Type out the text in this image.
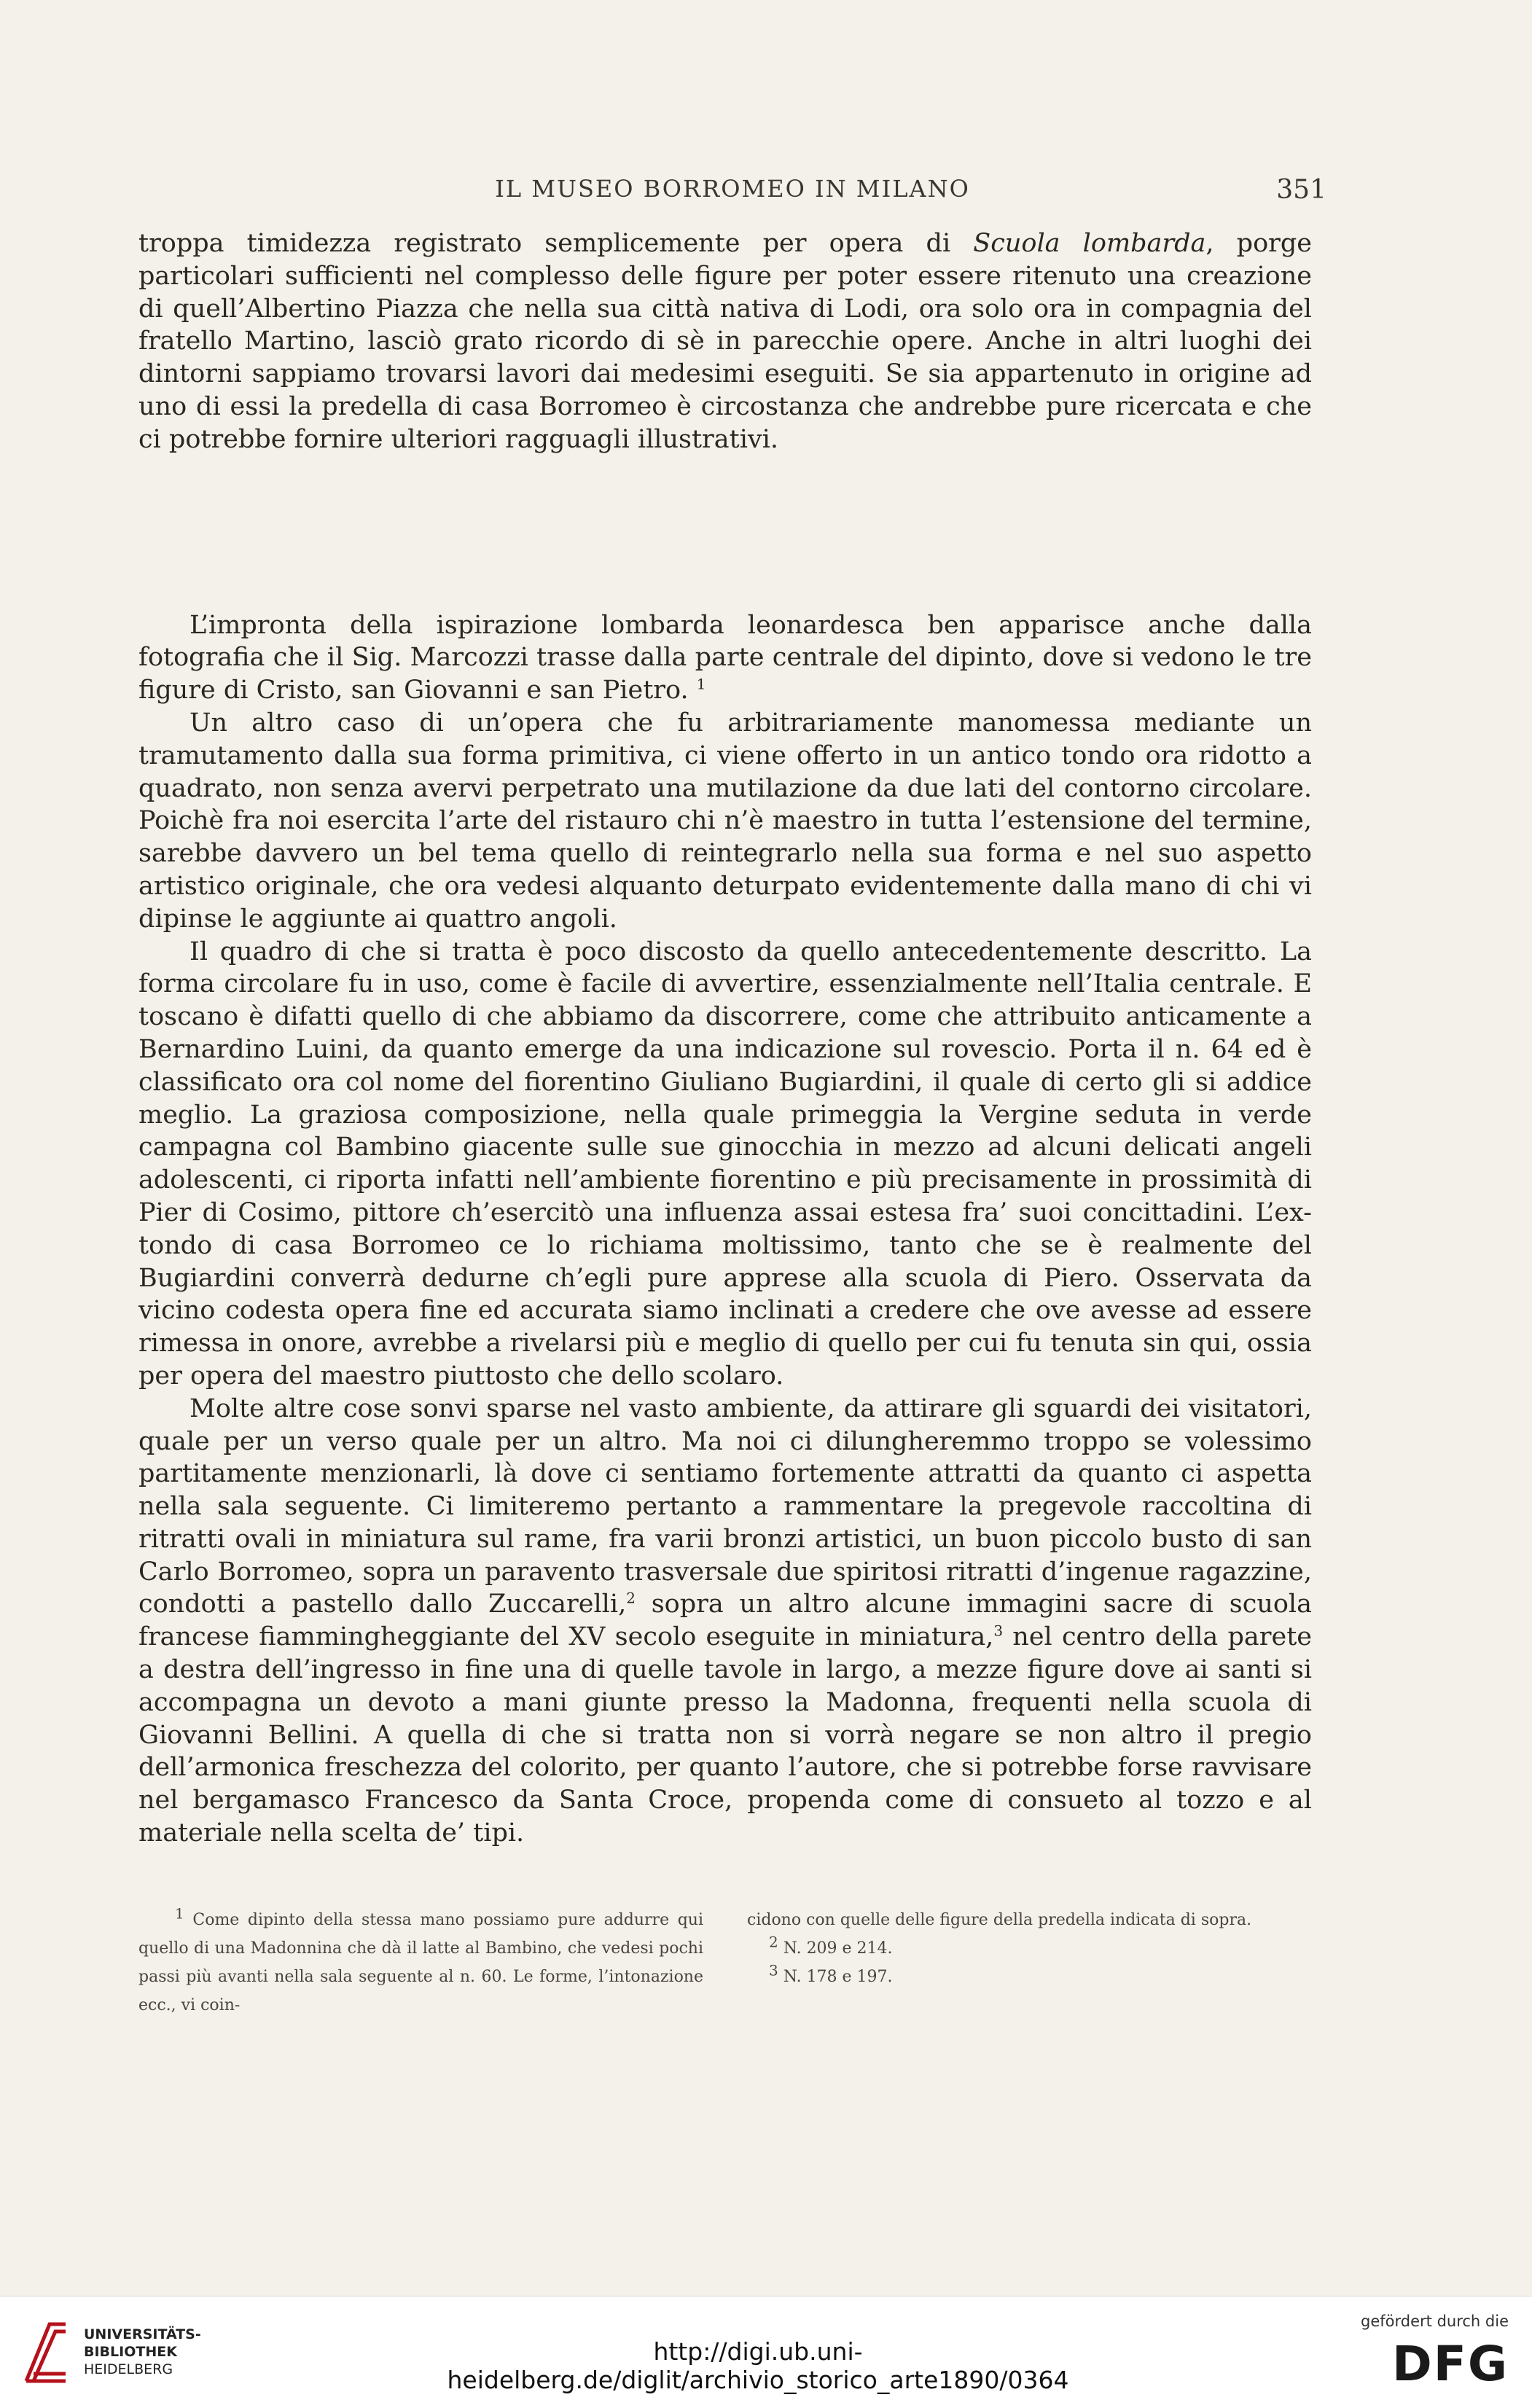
IL MUSEO BORROMEO IN MILANO	351

troppa timidezza registrato semplicemente per opera di Scuola lombarda, porge particolari sufficienti nel complesso delle figure per poter essere ritenuto una creazione di quell’Albertino Piazza che nella sua città nativa di Lodi, ora solo ora in compagnia del fratello Martino, lasciò grato ricordo di sè in parecchie opere. Anche in altri luoghi dei dintorni sappiamo trovarsi lavori dai medesimi eseguiti. Se sia appartenuto in origine ad uno di essi la predella di casa Borromeo è circostanza che andrebbe pure ricercata e che ci potrebbe fornire ulteriori ragguagli illustrativi.

L’impronta della ispirazione lombarda leonardesca ben apparisce anche dalla fotografia che il Sig. Marcozzi trasse dalla parte centrale del dipinto, dove si vedono le tre figure di Cristo, san Giovanni e san Pietro. $^1$

Un altro caso di un’opera che fu arbitrariamente manomessa mediante un tramutamento dalla sua forma primitiva, ci viene offerto in un antico tondo ora ridotto a quadrato, non senza avervi perpetrato una mutilazione da due lati del contorno circolare. Poichè fra noi esercita l’arte del ristauro chi n’è maestro in tutta l’estensione del termine, sarebbe davvero un bel tema quello di reintegrarlo nella sua forma e nel suo aspetto artistico originale, che ora vedesi alquanto deturpato evidentemente dalla mano di chi vi dipinse le aggiunte ai quattro angoli.

Il quadro di che si tratta è poco discosto da quello antecedentemente descritto. La forma circolare fu in uso, come è facile di avvertire, essenzialmente nell’Italia centrale. E toscano è difatti quello di che abbiamo da discorrere, come che attribuito anticamente a Bernardino Luini, da quanto emerge da una indicazione sul rovescio. Porta il n. 64 ed è classificato ora col nome del fiorentino Giuliano Bugiardini, il quale di certo gli si addice meglio. La graziosa composizione, nella quale primeggia la Vergine seduta in verde campagna col Bambino giacente sulle sue ginocchia in mezzo ad alcuni delicati angeli adolescenti, ci riporta infatti nell’ambiente fiorentino e più precisamente in prossimità di Pier di Cosimo, pittore ch’esercitò una influenza assai estesa fra’ suoi concittadini. L’ex-tondo di casa Borromeo ce lo richiama moltissimo, tanto che se è realmente del Bugiardini converrà dedurne ch’egli pure apprese alla scuola di Piero. Osservata da vicino codesta opera fine ed accurata siamo inclinati a credere che ove avesse ad essere rimessa in onore, avrebbe a rivelarsi più e meglio di quello per cui fu tenuta sin qui, ossia per opera del maestro piuttosto che dello scolaro.

Molte altre cose sonvi sparse nel vasto ambiente, da attirare gli sguardi dei visitatori, quale per un verso quale per un altro. Ma noi ci dilungheremmo troppo se volessimo partitamente menzionarli, là dove ci sentiamo fortemente attratti da quanto ci aspetta nella sala seguente. Ci limiteremo pertanto a rammentare la pregevole raccoltina di ritratti ovali in miniatura sul rame, fra varii bronzi artistici, un buon piccolo busto di san Carlo Borromeo, sopra un paravento trasversale due spiritosi ritratti d’ingenue ragazzine, condotti a pastello dallo Zuccarelli,$^2$ sopra un altro alcune immagini sacre di scuola francese fiammingheggiante del XV secolo eseguite in miniatura,$^3$ nel centro della parete a destra dell’ingresso in fine una di quelle tavole in largo, a mezze figure dove ai santi si accompagna un devoto a mani giunte presso la Madonna, frequenti nella scuola di Giovanni Bellini. A quella di che si tratta non si vorrà negare se non altro il pregio dell’armonica freschezza del colorito, per quanto l’autore, che si potrebbe forse ravvisare nel bergamasco Francesco da Santa Croce, propenda come di consueto al tozzo e al materiale nella scelta de’ tipi.

$^1$ Come dipinto della stessa mano possiamo pure addurre qui quello di una Madonnina che dà il latte al Bambino, che vedesi pochi passi più avanti nella sala seguente al n. 60. Le forme, l’intonazione ecc., vi coin-

cidono con quelle delle figure della predella indicata di sopra.

$^2$ N. 209 e 214.

$^3$ N. 178 e 197.

UNIVERSITÄTS-
BIBLIOTHEK
HEIDELBERG
http://digi.ub.uni-heidelberg.de/diglit/archivio_storico_arte1890/0364
gefördert durch die
DFG
